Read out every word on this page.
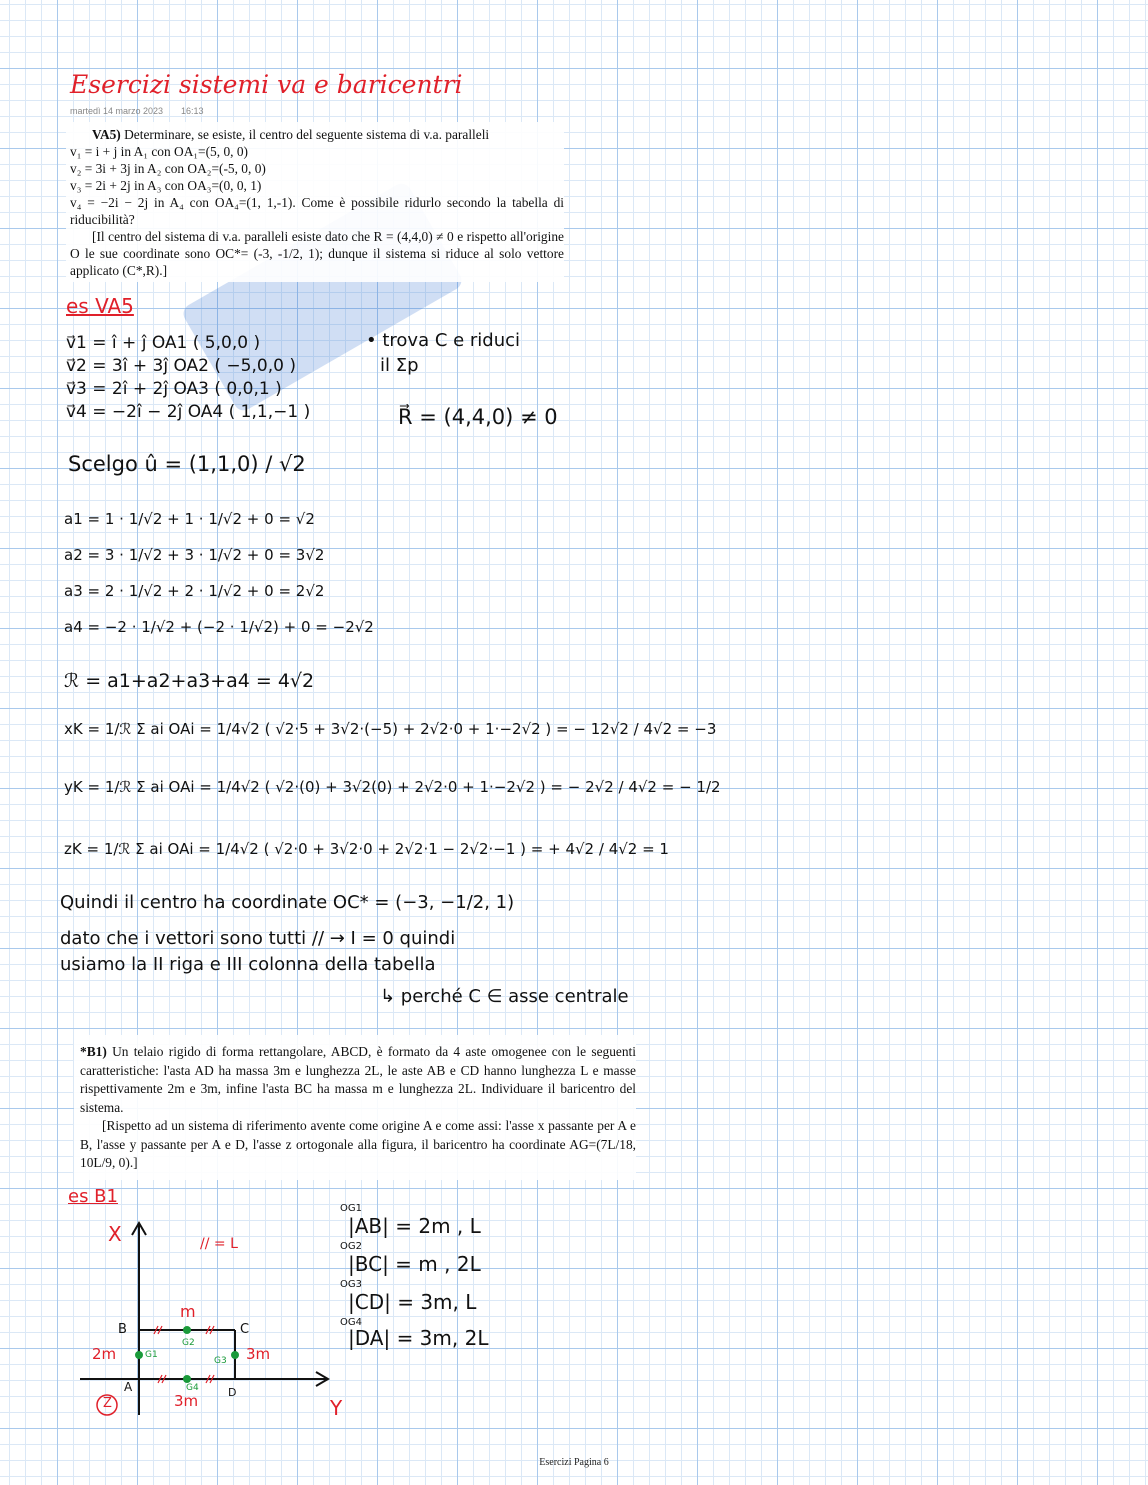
Esercizi sistemi va e baricentri
martedì 14 marzo 2023 16:13

VA5) Determinare, se esiste, il centro del seguente sistema di v.a. paralleli

v₁ = i + j in A₁ con OA₁=(5, 0, 0)

v₂ = 3i + 3j in A₂ con OA₂=(-5, 0, 0)

v₃ = 2i + 2j in A₃ con OA₃=(0, 0, 1)

v₄ = −2i − 2j in A₄ con OA₄=(1, 1,-1). Come è possibile ridurlo secondo la tabella di riducibilità?

[Il centro del sistema di v.a. paralleli esiste dato che R = (4,4,0) ≠ 0 e rispetto all'origine O le sue coordinate sono OC*= (-3, -1/2, 1); dunque il sistema si riduce al solo vettore applicato (C*,R).]

es VA5
v⃗1 = î + ĵ OA1 ( 5,0,0 )
v⃗2 = 3î + 3ĵ OA2 ( −5,0,0 )
v⃗3 = 2î + 2ĵ OA3 ( 0,0,1 )
v⃗4 = −2î − 2ĵ OA4 ( 1,1,−1 )
• trova C e riduci
il Σp
R⃗ = (4,4,0) ≠ 0
Scelgo û = (1,1,0) / √2
a1 = 1 · 1/√2 + 1 · 1/√2 + 0 = √2
a2 = 3 · 1/√2 + 3 · 1/√2 + 0 = 3√2
a3 = 2 · 1/√2 + 2 · 1/√2 + 0 = 2√2
a4 = −2 · 1/√2 + (−2 · 1/√2) + 0 = −2√2
ℛ = a1+a2+a3+a4 = 4√2
xK = 1/ℛ Σ ai OAi = 1/4√2 ( √2·5 + 3√2·(−5) + 2√2·0 + 1·−2√2 ) = − 12√2 / 4√2 = −3
yK = 1/ℛ Σ ai OAi = 1/4√2 ( √2·(0) + 3√2(0) + 2√2·0 + 1·−2√2 ) = − 2√2 / 4√2 = − 1/2
zK = 1/ℛ Σ ai OAi = 1/4√2 ( √2·0 + 3√2·0 + 2√2·1 − 2√2·−1 ) = + 4√2 / 4√2 = 1
Quindi il centro ha coordinate OC* = (−3, −1/2, 1)
dato che i vettori sono tutti // → I = 0 quindi
usiamo la II riga e III colonna della tabella
↳ perché C ∈ asse centrale

*B1) Un telaio rigido di forma rettangolare, ABCD, è formato da 4 aste omogenee con le seguenti caratteristiche: l'asta AD ha massa 3m e lunghezza 2L, le aste AB e CD hanno lunghezza L e masse rispettivamente 2m e 3m, infine l'asta BC ha massa m e lunghezza 2L. Individuare il baricentro del sistema.

[Rispetto ad un sistema di riferimento avente come origine A e come assi: l'asse x passante per A e B, l'asse y passante per A e D, l'asse z ortogonale alla figura, il baricentro ha coordinate AG=(7L/18, 10L/9, 0).]

es B1
X
Y
Z
// = L
B	C
A	D
m
2m	3m
3m
G1
G2
G3
G4
OG1
|AB| = 2m , L
OG2
|BC| = m , 2L
OG3
|CD| = 3m, L
OG4
|DA| = 3m, 2L
Esercizi Pagina 6
